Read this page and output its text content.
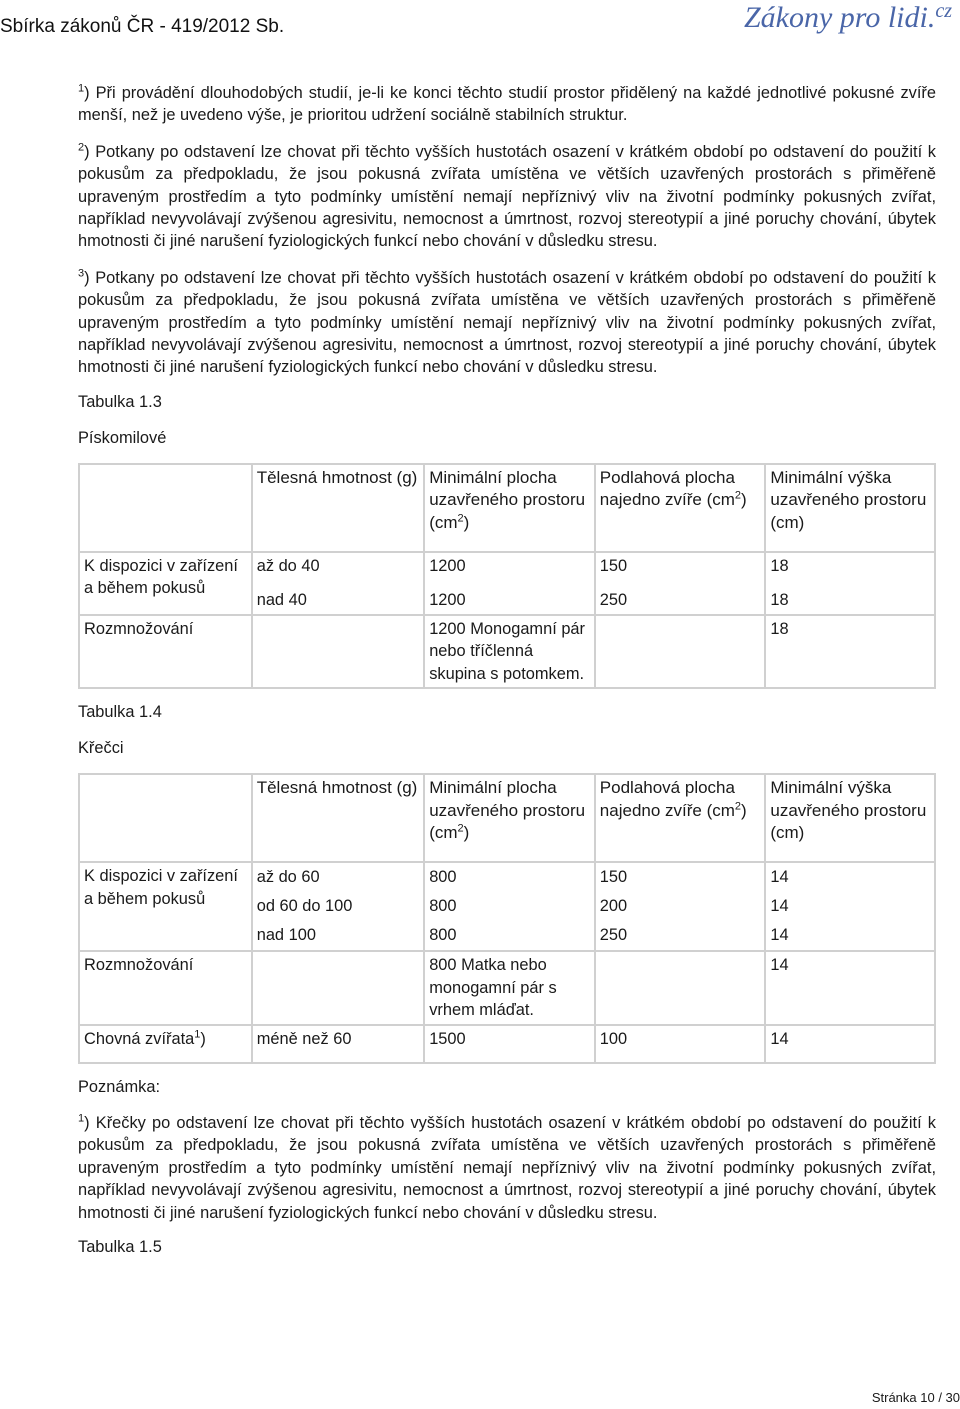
Sbírka zákonů ČR - 419/2012 Sb.	Zákony pro lidi.$^{cz}$

$^1$) Při provádění dlouhodobých studií, je-li ke konci těchto studií prostor přidělený na každé jednotlivé pokusné zvíře menší, než je uvedeno výše, je prioritou udržení sociálně stabilních struktur.

$^2$) Potkany po odstavení lze chovat při těchto vyšších hustotách osazení v krátkém období po odstavení do použití k pokusům za předpokladu, že jsou pokusná zvířata umístěna ve větších uzavřených prostorách s přiměřeně upraveným prostředím a tyto podmínky umístění nemají nepříznivý vliv na životní podmínky pokusných zvířat, například nevyvolávají zvýšenou agresivitu, nemocnost a úmrtnost, rozvoj stereotypií a jiné poruchy chování, úbytek hmotnosti či jiné narušení fyziologických funkcí nebo chování v důsledku stresu.

$^3$) Potkany po odstavení lze chovat při těchto vyšších hustotách osazení v krátkém období po odstavení do použití k pokusům za předpokladu, že jsou pokusná zvířata umístěna ve větších uzavřených prostorách s přiměřeně upraveným prostředím a tyto podmínky umístění nemají nepříznivý vliv na životní podmínky pokusných zvířat, například nevyvolávají zvýšenou agresivitu, nemocnost a úmrtnost, rozvoj stereotypií a jiné poruchy chování, úbytek hmotnosti či jiné narušení fyziologických funkcí nebo chování v důsledku stresu.

Tabulka 1.3

Pískomilové

	Tělesná hmotnost (g)	Minimální plocha uzavřeného prostoru $(cm^2)$	Podlahová plocha najedno zvíře $(cm^2)$	Minimální výška uzavřeného prostoru (cm)
K dispozici v zařízení a během pokusů	až do 40	1200	150	18
	nad 40	1200	250	18
Rozmnožování		1200 Monogamní pár nebo tříčlenná skupina s potomkem.		18

Tabulka 1.4

Křečci

	Tělesná hmotnost (g)	Minimální plocha uzavřeného prostoru $(cm^2)$	Podlahová plocha najedno zvíře $(cm^2)$	Minimální výška uzavřeného prostoru (cm)
K dispozici v zařízení a během pokusů	až do 60	800	150	14
	od 60 do 100	800	200	14
	nad 100	800	250	14
Rozmnožování		800 Matka nebo monogamní pár s vrhem mláďat.		14
Chovná zvířata$^1$)	méně než 60	1500	100	14

Poznámka:

$^1$) Křečky po odstavení lze chovat při těchto vyšších hustotách osazení v krátkém období po odstavení do použití k pokusům za předpokladu, že jsou pokusná zvířata umístěna ve větších uzavřených prostorách s přiměřeně upraveným prostředím a tyto podmínky umístění nemají nepříznivý vliv na životní podmínky pokusných zvířat, například nevyvolávají zvýšenou agresivitu, nemocnost a úmrtnost, rozvoj stereotypií a jiné poruchy chování, úbytek hmotnosti či jiné narušení fyziologických funkcí nebo chování v důsledku stresu.

Tabulka 1.5

Stránka 10 / 30
